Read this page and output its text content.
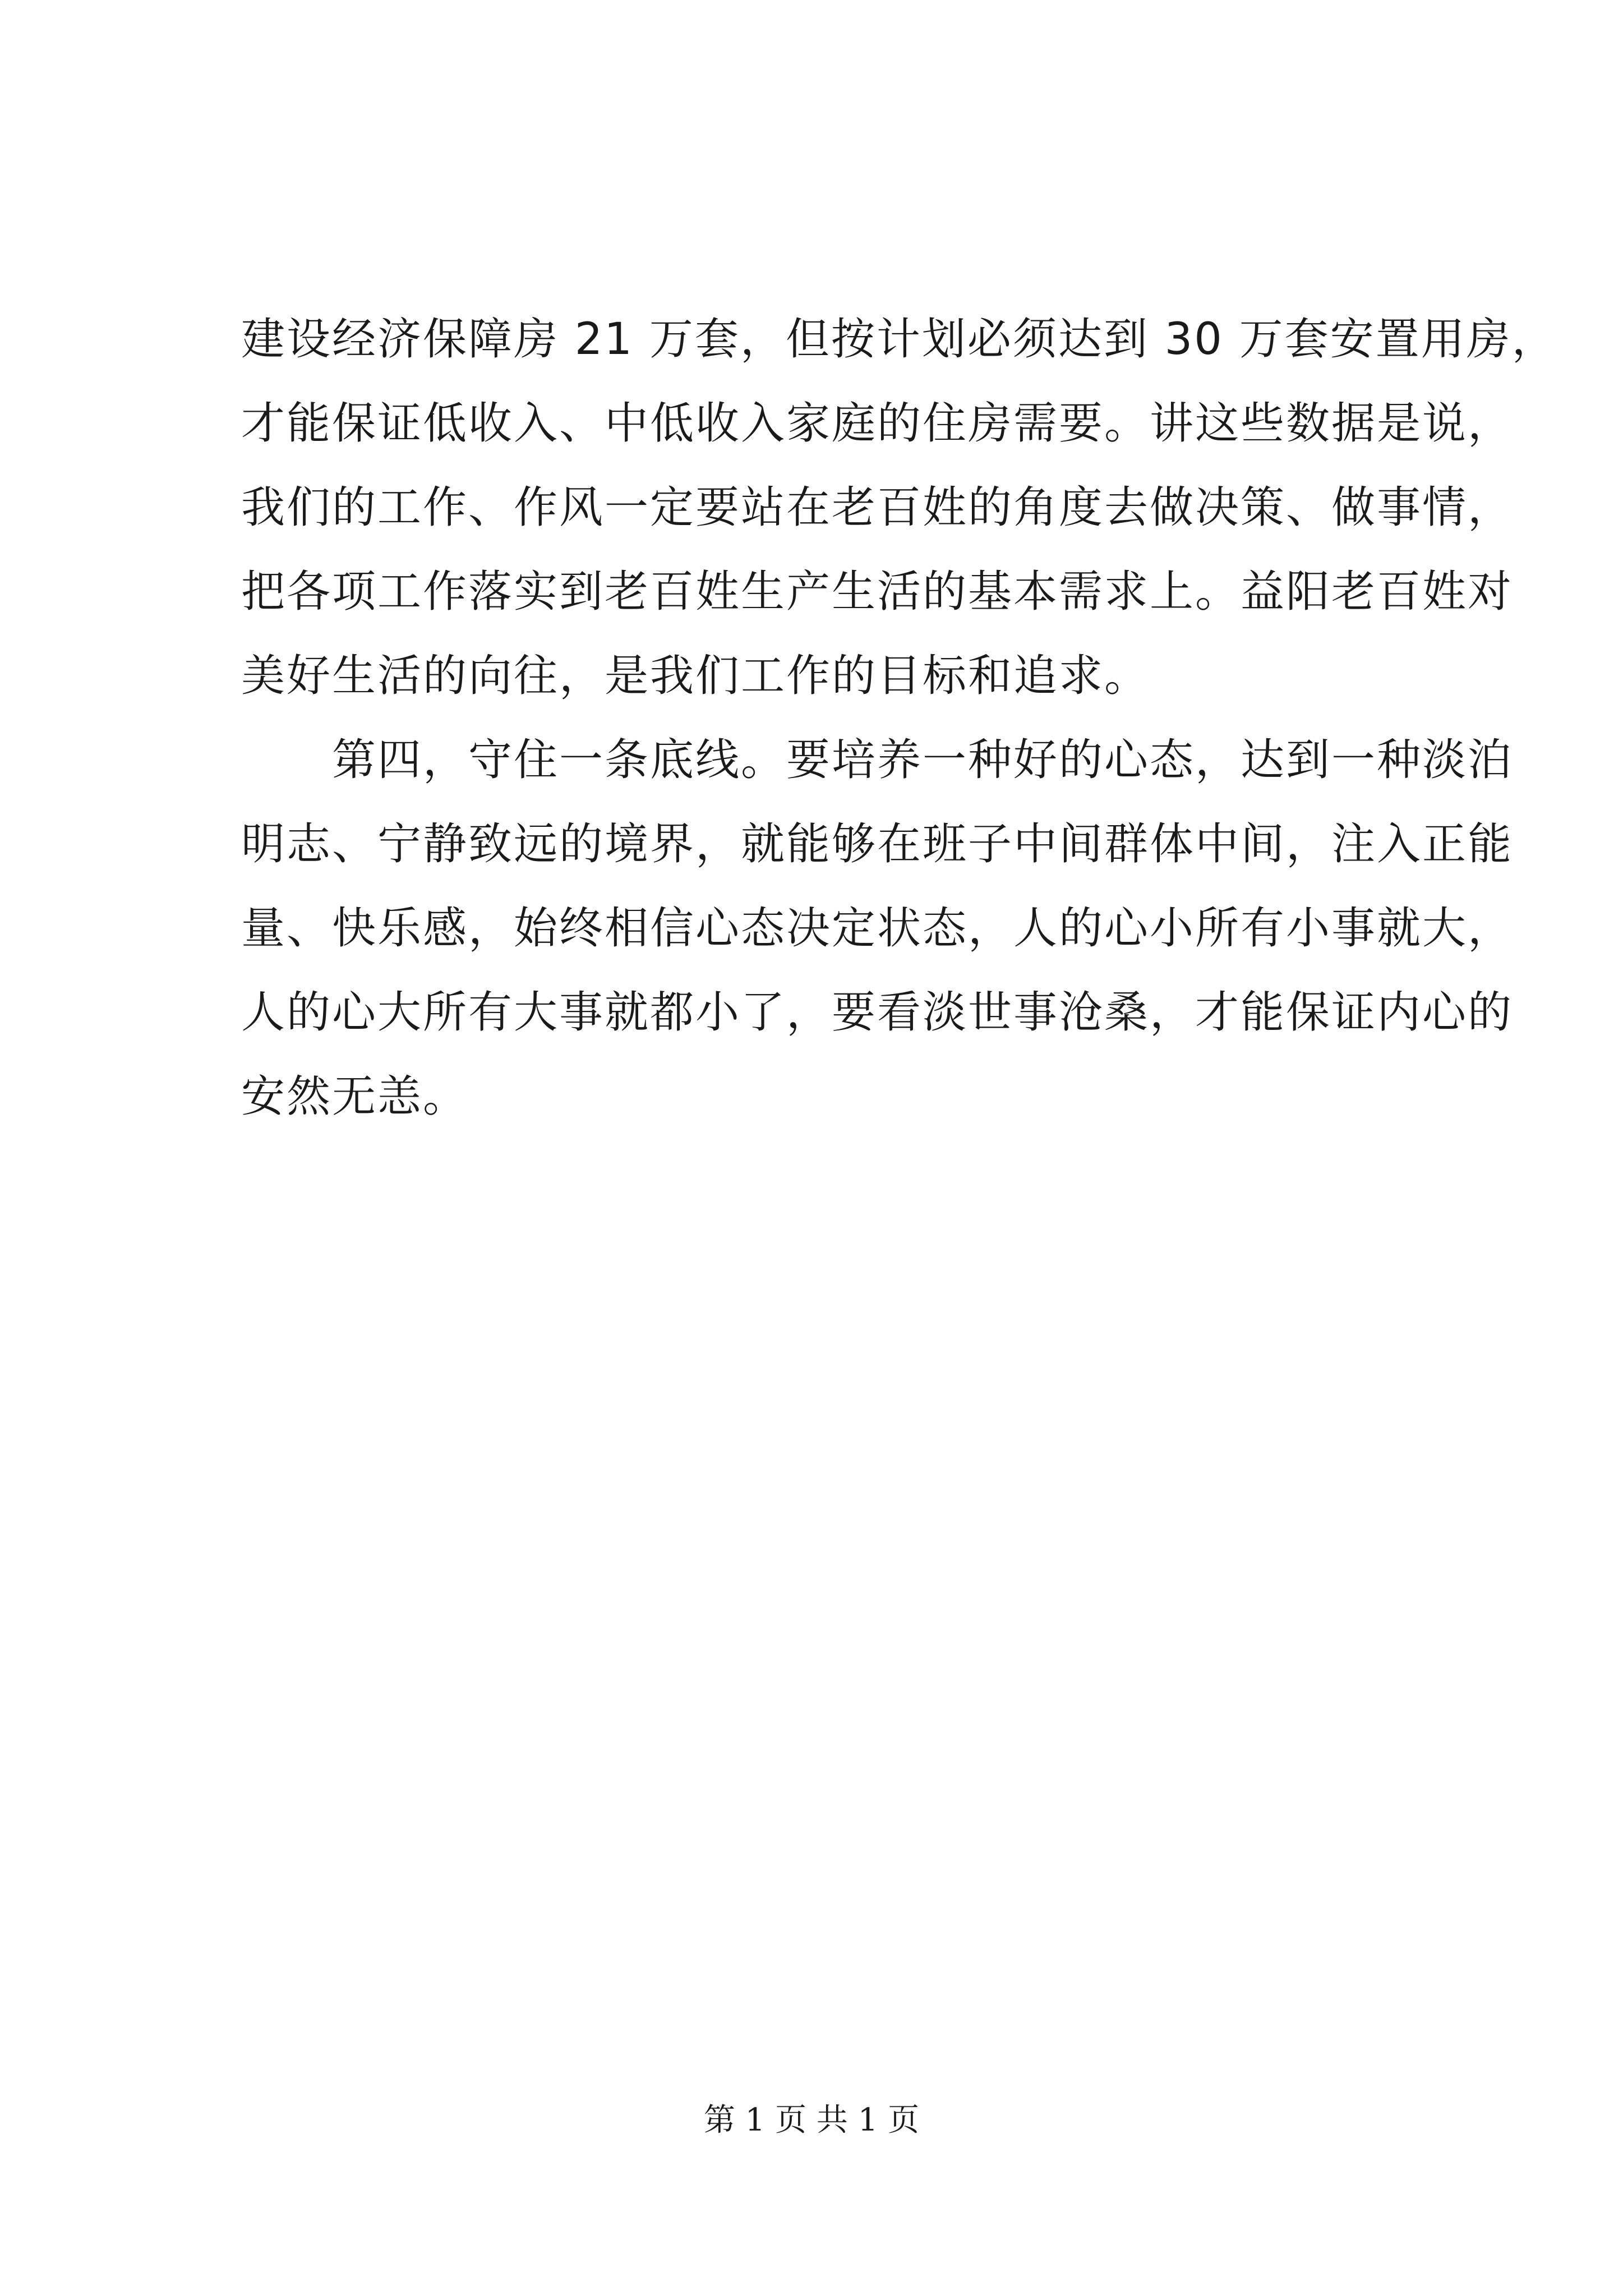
建设经济保障房 21 万套，但按计划必须达到 30 万套安置用房，
才能保证低收入、中低收入家庭的住房需要。讲这些数据是说，
我们的工作、作风一定要站在老百姓的角度去做决策、做事情，
把各项工作落实到老百姓生产生活的基本需求上。益阳老百姓对
美好生活的向往，是我们工作的目标和追求。
　　第四，守住一条底线。要培养一种好的心态，达到一种淡泊
明志、宁静致远的境界，就能够在班子中间群体中间，注入正能
量、快乐感，始终相信心态决定状态，人的心小所有小事就大，
人的心大所有大事就都小了，要看淡世事沧桑，才能保证内心的
安然无恙。
第 1 页 共 1 页
